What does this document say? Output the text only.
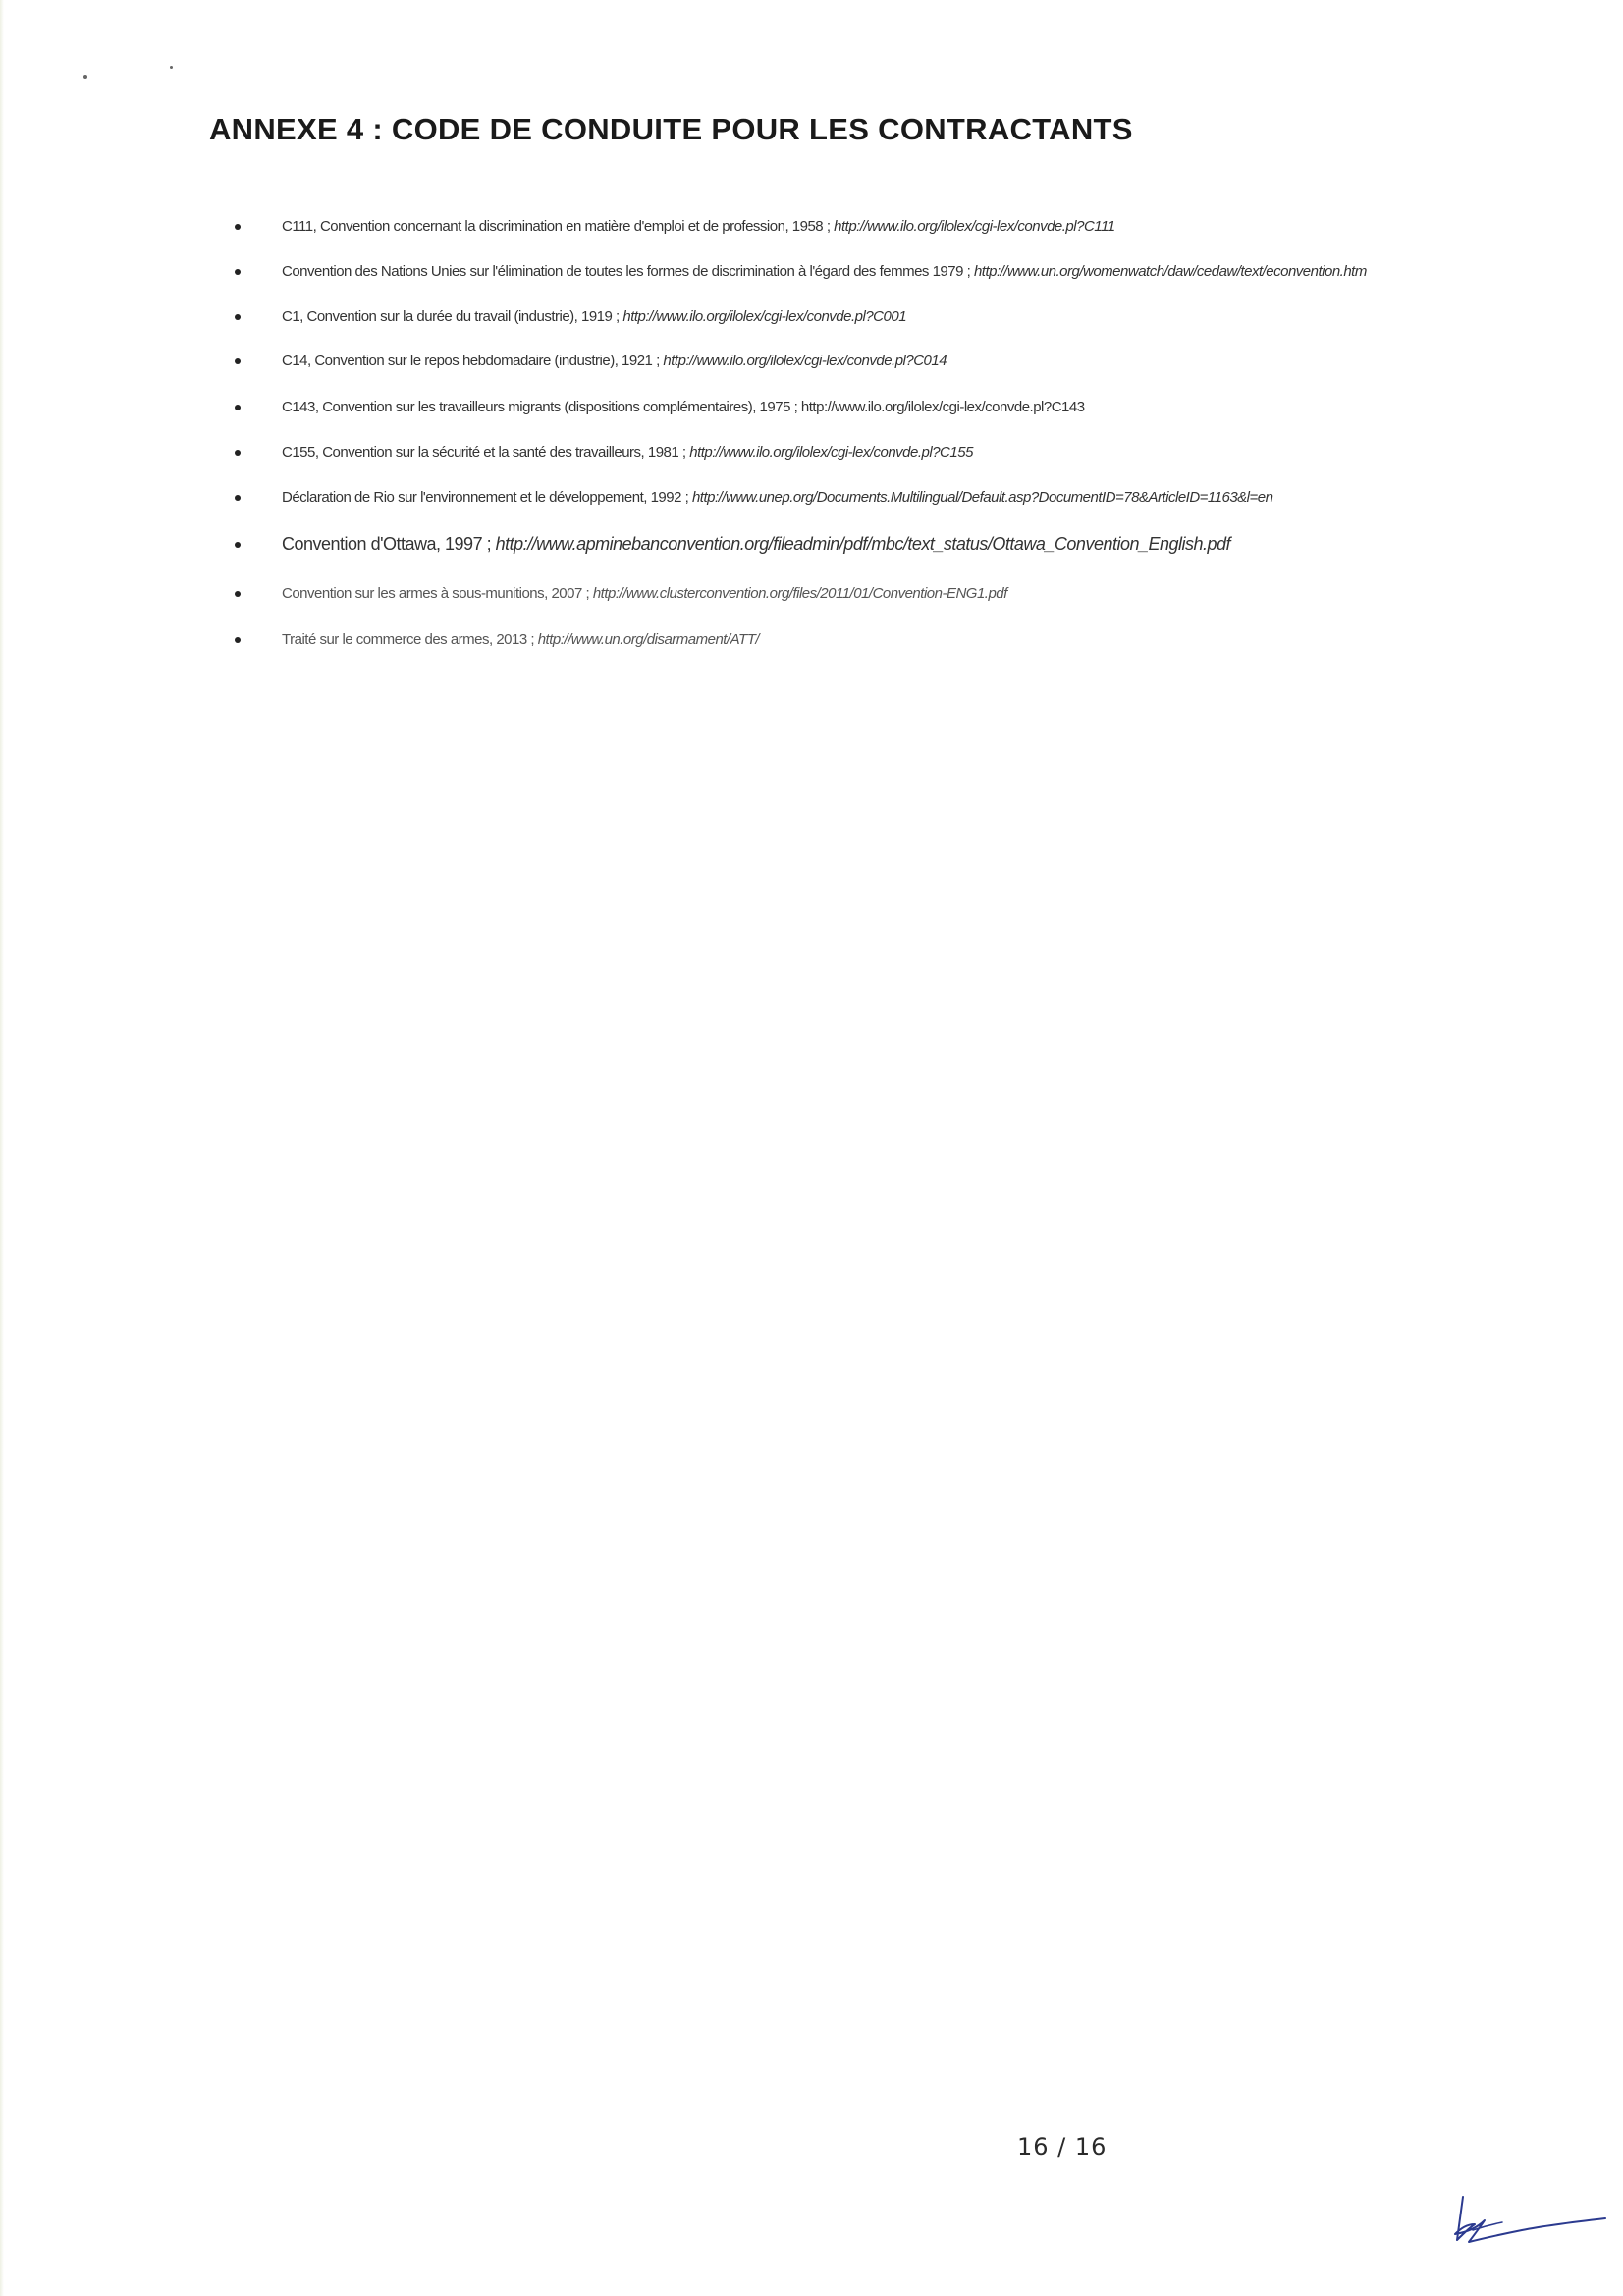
ANNEXE 4 : CODE DE CONDUITE POUR LES CONTRACTANTS
C111, Convention concernant la discrimination en matière d'emploi et de profession, 1958 ; http://www.ilo.org/ilolex/cgi-lex/convde.pl?C111
Convention des Nations Unies sur l'élimination de toutes les formes de discrimination à l'égard des femmes 1979 ; http://www.un.org/womenwatch/daw/cedaw/text/econvention.htm
C1, Convention sur la durée du travail (industrie), 1919 ; http://www.ilo.org/ilolex/cgi-lex/convde.pl?C001
C14, Convention sur le repos hebdomadaire (industrie), 1921 ; http://www.ilo.org/ilolex/cgi-lex/convde.pl?C014
C143, Convention sur les travailleurs migrants (dispositions complémentaires), 1975 ; http://www.ilo.org/ilolex/cgi-lex/convde.pl?C143
C155, Convention sur la sécurité et la santé des travailleurs, 1981 ; http://www.ilo.org/ilolex/cgi-lex/convde.pl?C155
Déclaration de Rio sur l'environnement et le développement, 1992 ; http://www.unep.org/Documents.Multilingual/Default.asp?DocumentID=78&ArticleID=1163&l=en
Convention d'Ottawa, 1997 ; http://www.apminebanconvention.org/fileadmin/pdf/mbc/text_status/Ottawa_Convention_English.pdf
Convention sur les armes à sous-munitions, 2007 ; http://www.clusterconvention.org/files/2011/01/Convention-ENG1.pdf
Traité sur le commerce des armes, 2013 ; http://www.un.org/disarmament/ATT/
16 / 16
